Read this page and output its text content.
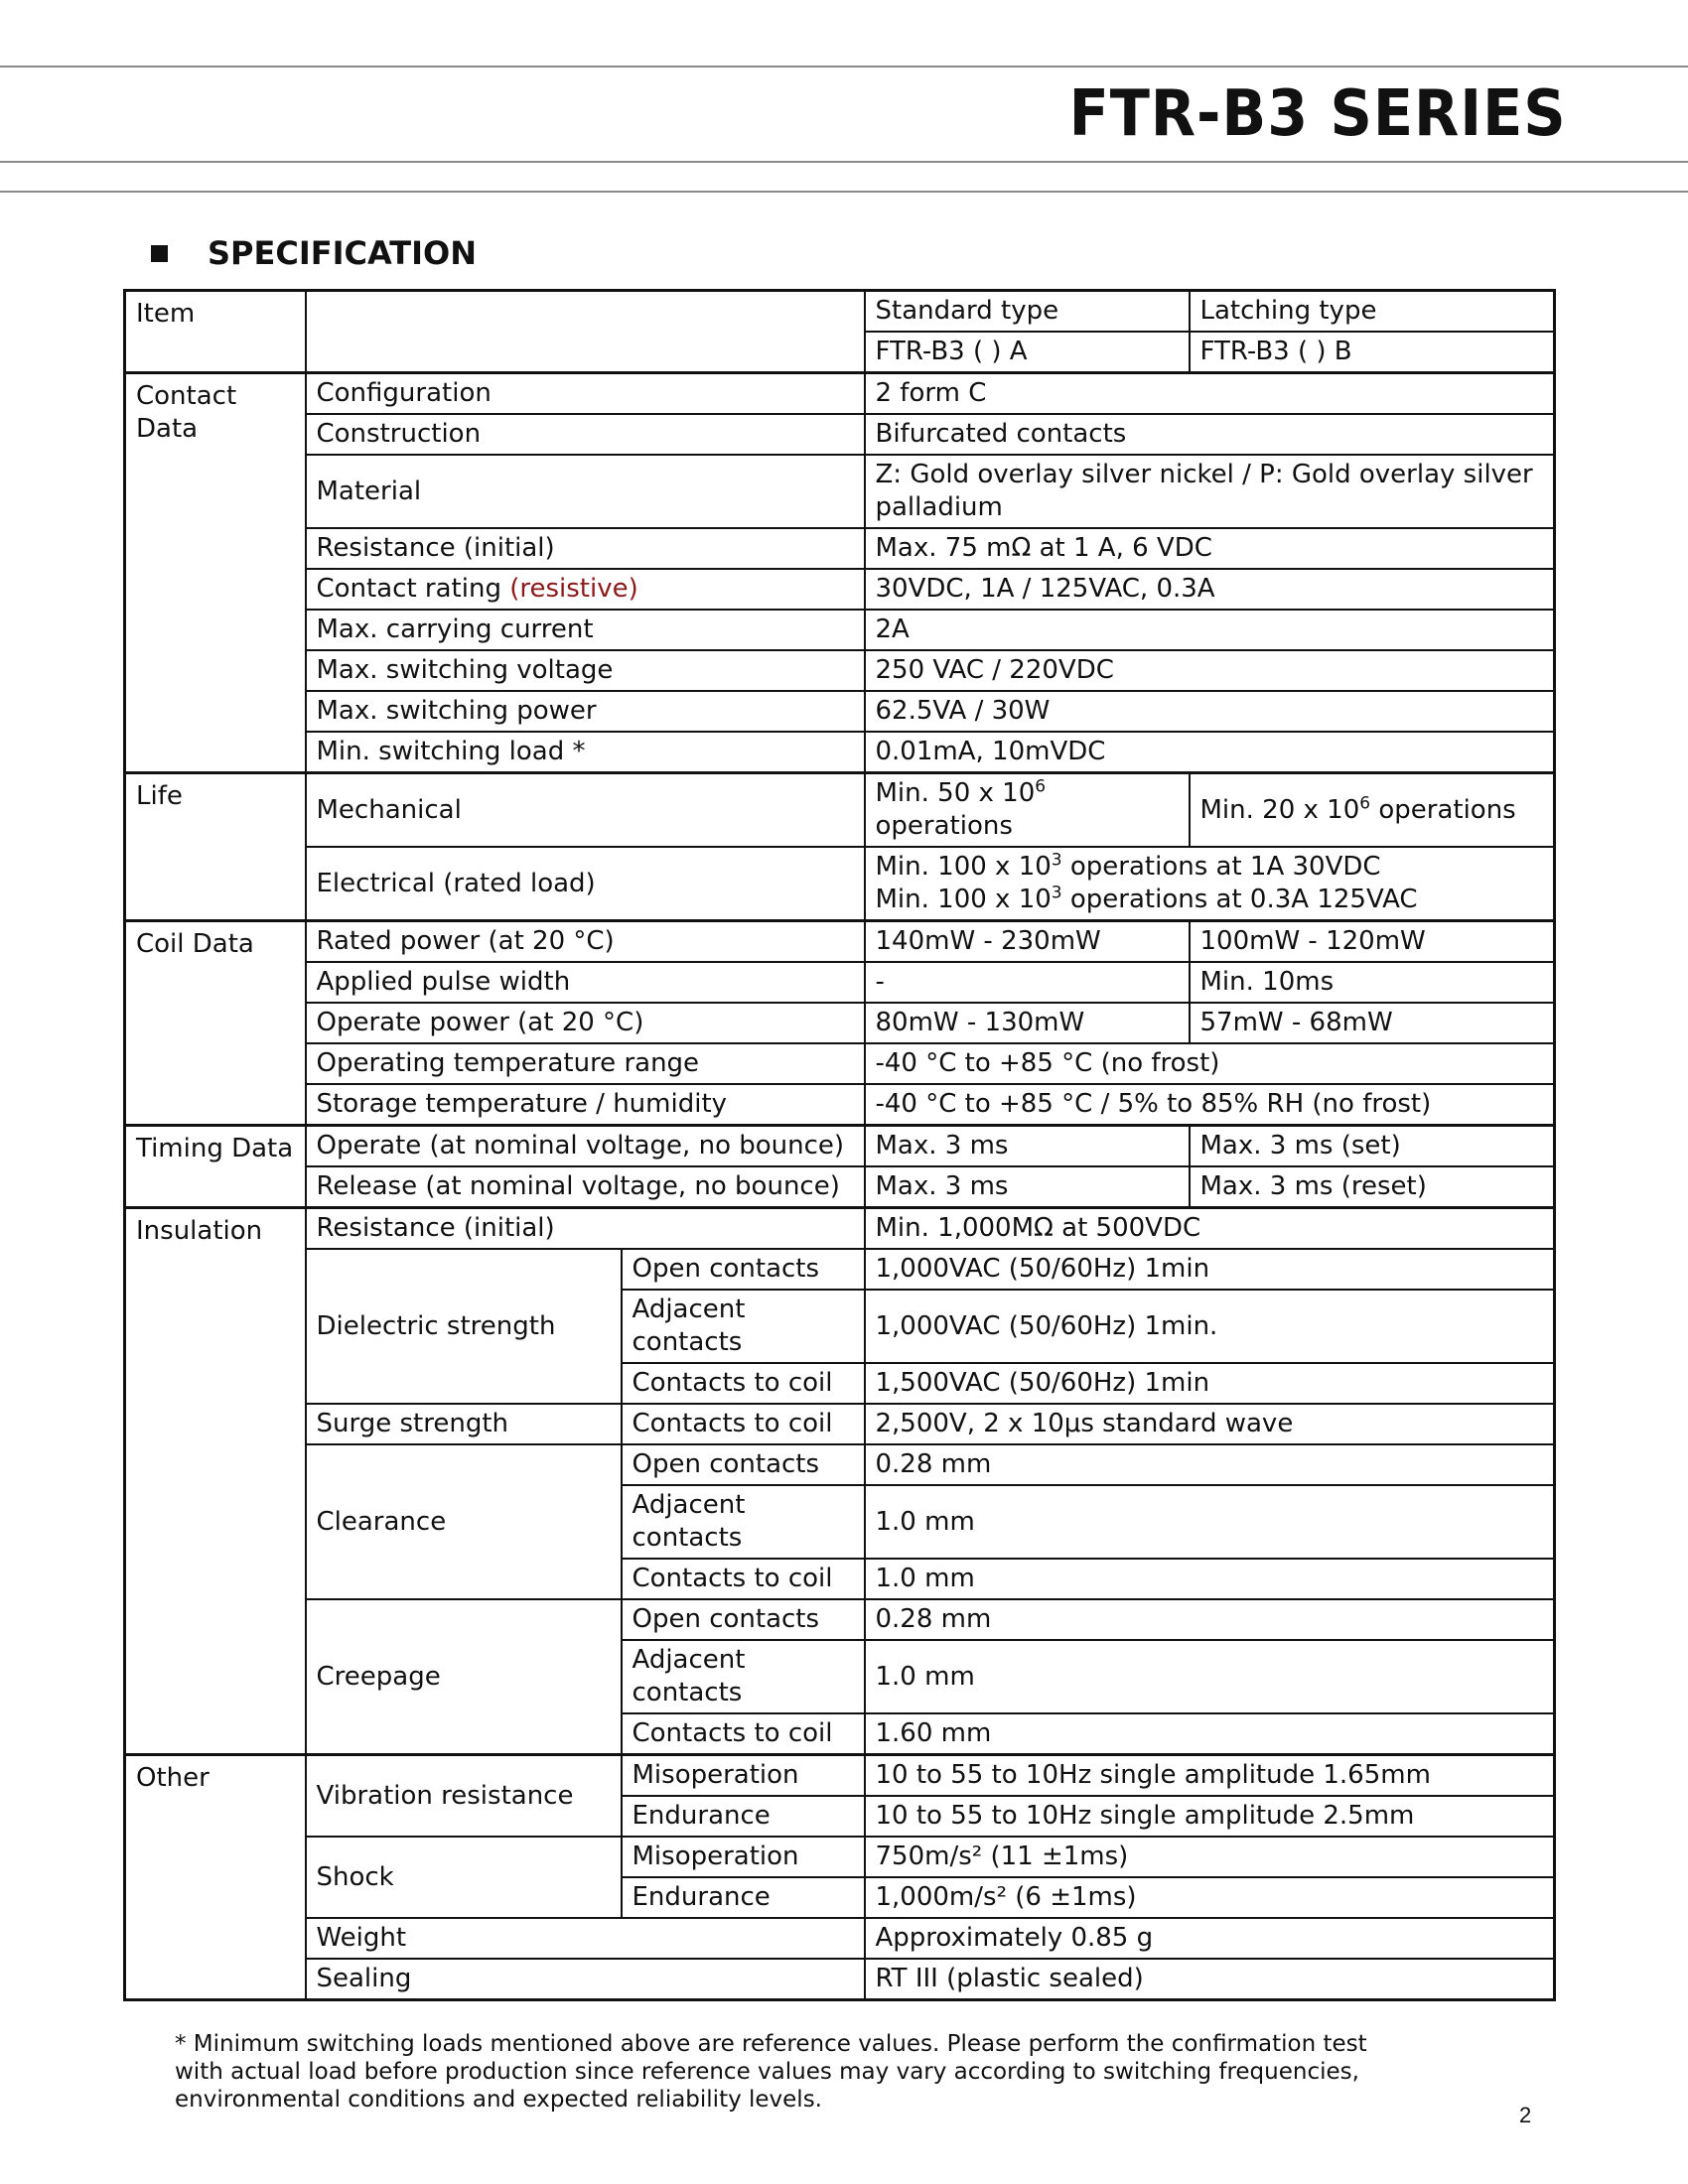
FTR-B3 SERIES
SPECIFICATION
Item			Standard type	Latching type
			FTR-B3 ( ) A	FTR-B3 ( ) B
Contact Data	Configuration		2 form C	
	Construction		Bifurcated contacts	
	Material		Z: Gold overlay silver nickel / P: Gold overlay silver palladium	
	Resistance (initial)		Max. 75 mΩ at 1 A, 6 VDC	
	Contact rating (resistive)		30VDC, 1A / 125VAC, 0.3A	
	Max. carrying current		2A	
	Max. switching voltage		250 VAC / 220VDC	
	Max. switching power		62.5VA / 30W	
	Min. switching load *		0.01mA, 10mVDC	
Life	Mechanical		Min. 50 x $10^6$ operations	Min. 20 x $10^6$ operations
	Electrical (rated load)		Min. 100 x $10^3$ operations at 1A 30VDC
Min. 100 x $10^3$ operations at 0.3A 125VAC	
Coil Data	Rated power (at 20 °C)		140mW - 230mW	100mW - 120mW
	Applied pulse width		-	Min. 10ms
	Operate power (at 20 °C)		80mW - 130mW	57mW - 68mW
	Operating temperature range		-40 °C to +85 °C (no frost)	
	Storage temperature / humidity		-40 °C to +85 °C / 5% to 85% RH (no frost)	
Timing Data	Operate (at nominal voltage, no bounce)		Max. 3 ms	Max. 3 ms (set)
	Release (at nominal voltage, no bounce)		Max. 3 ms	Max. 3 ms (reset)
Insulation	Resistance (initial)		Min. 1,000MΩ at 500VDC	
	Dielectric strength	Open contacts	1,000VAC (50/60Hz) 1min	
		Adjacent contacts	1,000VAC (50/60Hz) 1min.	
		Contacts to coil	1,500VAC (50/60Hz) 1min	
	Surge strength	Contacts to coil	2,500V, 2 x 10μs standard wave	
	Clearance	Open contacts	0.28 mm	
		Adjacent contacts	1.0 mm	
		Contacts to coil	1.0 mm	
	Creepage	Open contacts	0.28 mm	
		Adjacent contacts	1.0 mm	
		Contacts to coil	1.60 mm	
Other	Vibration resistance	Misoperation	10 to 55 to 10Hz single amplitude 1.65mm	
		Endurance	10 to 55 to 10Hz single amplitude 2.5mm	
	Shock	Misoperation	750m/s² (11 ±1ms)	
		Endurance	1,000m/s² (6 ±1ms)	
	Weight		Approximately 0.85 g	
	Sealing		RT III (plastic sealed)	

* Minimum switching loads mentioned above are reference values. Please perform the confirmation test with actual load before production since reference values may vary according to switching frequencies, environmental conditions and expected reliability levels.

2
